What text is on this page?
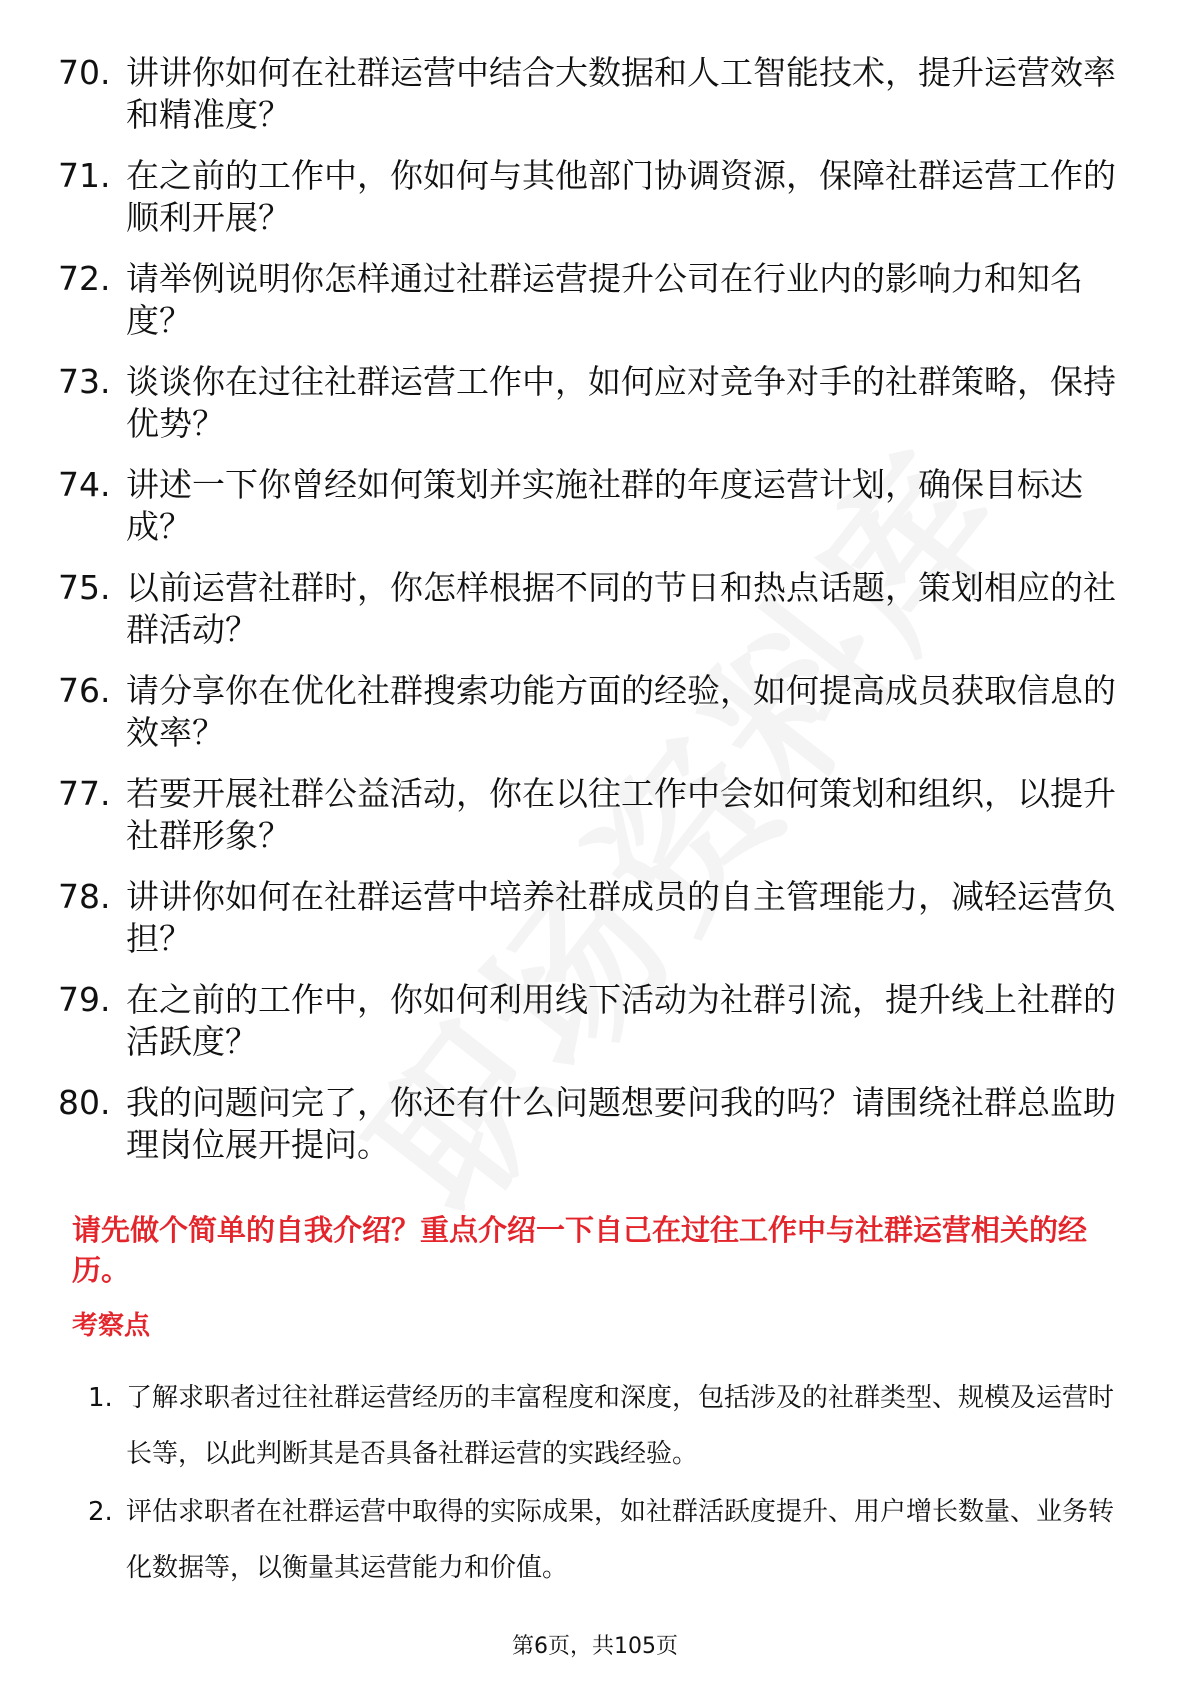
70. 讲讲你如何在社群运营中结合大数据和人工智能技术，提升运营效率和精准度？
71. 在之前的工作中，你如何与其他部门协调资源，保障社群运营工作的顺利开展？
72. 请举例说明你怎样通过社群运营提升公司在行业内的影响力和知名度？
73. 谈谈你在过往社群运营工作中，如何应对竞争对手的社群策略，保持优势？
74. 讲述一下你曾经如何策划并实施社群的年度运营计划，确保目标达成？
75. 以前运营社群时，你怎样根据不同的节日和热点话题，策划相应的社群活动？
76. 请分享你在优化社群搜索功能方面的经验，如何提高成员获取信息的效率？
77. 若要开展社群公益活动，你在以往工作中会如何策划和组织，以提升社群形象？
78. 讲讲你如何在社群运营中培养社群成员的自主管理能力，减轻运营负担？
79. 在之前的工作中，你如何利用线下活动为社群引流，提升线上社群的活跃度？
80. 我的问题问完了，你还有什么问题想要问我的吗？请围绕社群总监助理岗位展开提问。

请先做个简单的自我介绍？重点介绍一下自己在过往工作中与社群运营相关的经历。

考察点

1. 了解求职者过往社群运营经历的丰富程度和深度，包括涉及的社群类型、规模及运营时长等，以此判断其是否具备社群运营的实践经验。
2. 评估求职者在社群运营中取得的实际成果，如社群活跃度提升、用户增长数量、业务转化数据等，以衡量其运营能力和价值。
第6页，共105页
